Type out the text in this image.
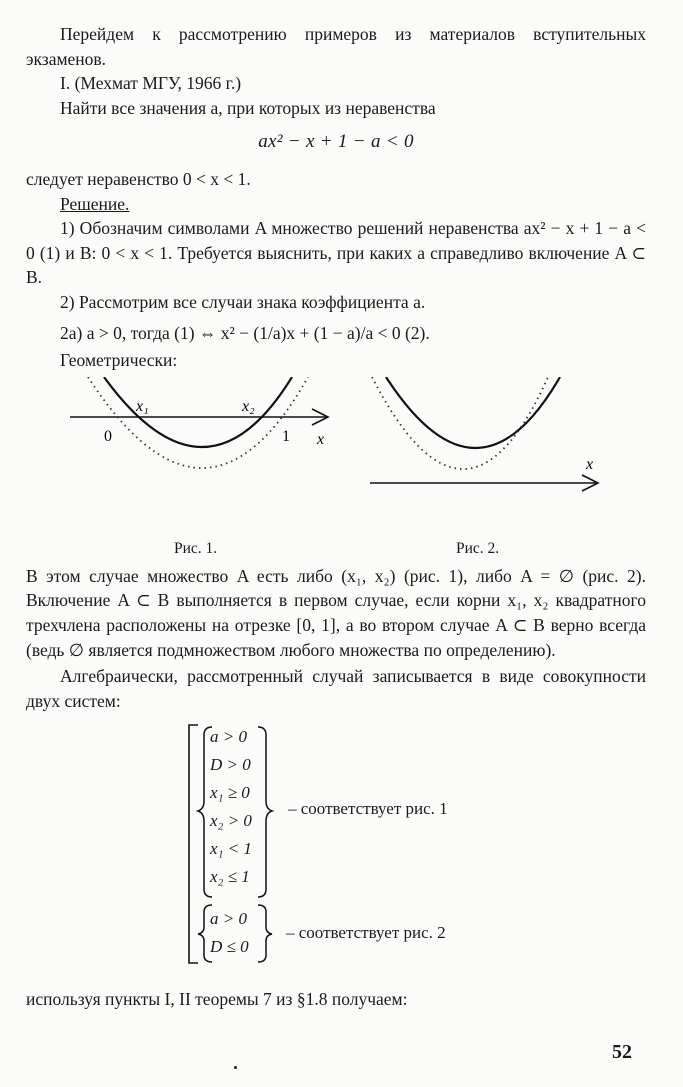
Перейдем к рассмотрению примеров из материалов вступительных экзаменов.

I. (Мехмат МГУ, 1966 г.)

Найти все значения a, при которых из неравенства

ax² − x + 1 − a < 0

следует неравенство 0 < x < 1.

Решение.

1) Обозначим символами A множество решений неравенства ax² − x + 1 − a < 0 (1) и B: 0 < x < 1. Требуется выяснить, при каких a справедливо включение A ⊂ B.

2) Рассмотрим все случаи знака коэффициента a.

2a) a > 0, тогда (1) ⇔ x² − (1/a)x + (1 − a)/a < 0 (2).

Геометрически:

x₁	x₂
0	1 x
x
Рис. 1.	Рис. 2.

В этом случае множество A есть либо (x₁, x₂) (рис. 1), либо A = ∅ (рис. 2). Включение A ⊂ B выполняется в первом случае, если корни x₁, x₂ квадратного трехчлена расположены на отрезке [0, 1], а во втором случае A ⊂ B верно всегда (ведь ∅ является подмножеством любого множества по определению).

Алгебраически, рассмотренный случай записывается в виде совокупности двух систем:

a > 0
D > 0
x₁ ≥ 0
x₂ > 0
x₁ < 1
x₂ ≤ 1
– соответствует рис. 1
a > 0
D ≤ 0
– соответствует рис. 2

используя пункты I, II теоремы 7 из §1.8 получаем:

52
